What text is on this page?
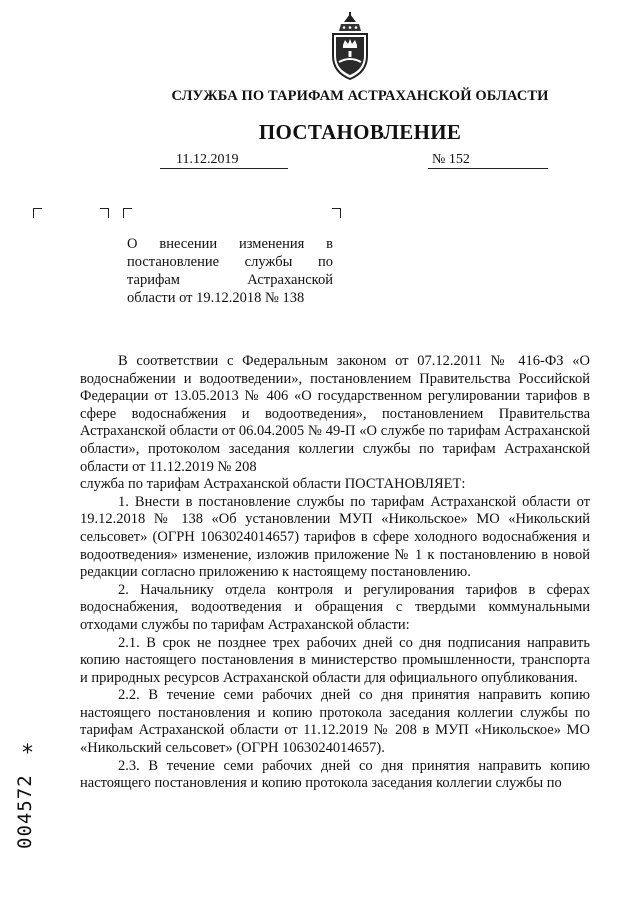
СЛУЖБА ПО ТАРИФАМ АСТРАХАНСКОЙ ОБЛАСТИ
ПОСТАНОВЛЕНИЕ
11.12.2019	№ 152
О внесении изменения в
постановление службы по
тарифам Астраханской
области от 19.12.2018 № 138

В соответствии с Федеральным законом от 07.12.2011 № 416-ФЗ «О водоснабжении и водоотведении», постановлением Правительства Российской Федерации от 13.05.2013 № 406 «О государственном регулировании тарифов в сфере водоснабжения и водоотведения», постановлением Правительства Астраханской области от 06.04.2005 № 49-П «О службе по тарифам Астраханской области», протоколом заседания коллегии службы по тарифам Астраханской области от 11.12.2019 № 208

служба по тарифам Астраханской области ПОСТАНОВЛЯЕТ:

1. Внести в постановление службы по тарифам Астраханской области от 19.12.2018 № 138 «Об установлении МУП «Никольское» МО «Никольский сельсовет» (ОГРН 1063024014657) тарифов в сфере холодного водоснабжения и водоотведения» изменение, изложив приложение № 1 к постановлению в новой редакции согласно приложению к настоящему постановлению.

2. Начальнику отдела контроля и регулирования тарифов в сферах водоснабжения, водоотведения и обращения с твердыми коммунальными отходами службы по тарифам Астраханской области:

2.1. В срок не позднее трех рабочих дней со дня подписания направить копию настоящего постановления в министерство промышленности, транспорта и природных ресурсов Астраханской области для официального опубликования.

2.2. В течение семи рабочих дней со дня принятия направить копию настоящего постановления и копию протокола заседания коллегии службы по тарифам Астраханской области от 11.12.2019 № 208 в МУП «Никольское» МО «Никольский сельсовет» (ОГРН 1063024014657).

2.3. В течение семи рабочих дней со дня принятия направить копию настоящего постановления и копию протокола заседания коллегии службы по

*
004572
